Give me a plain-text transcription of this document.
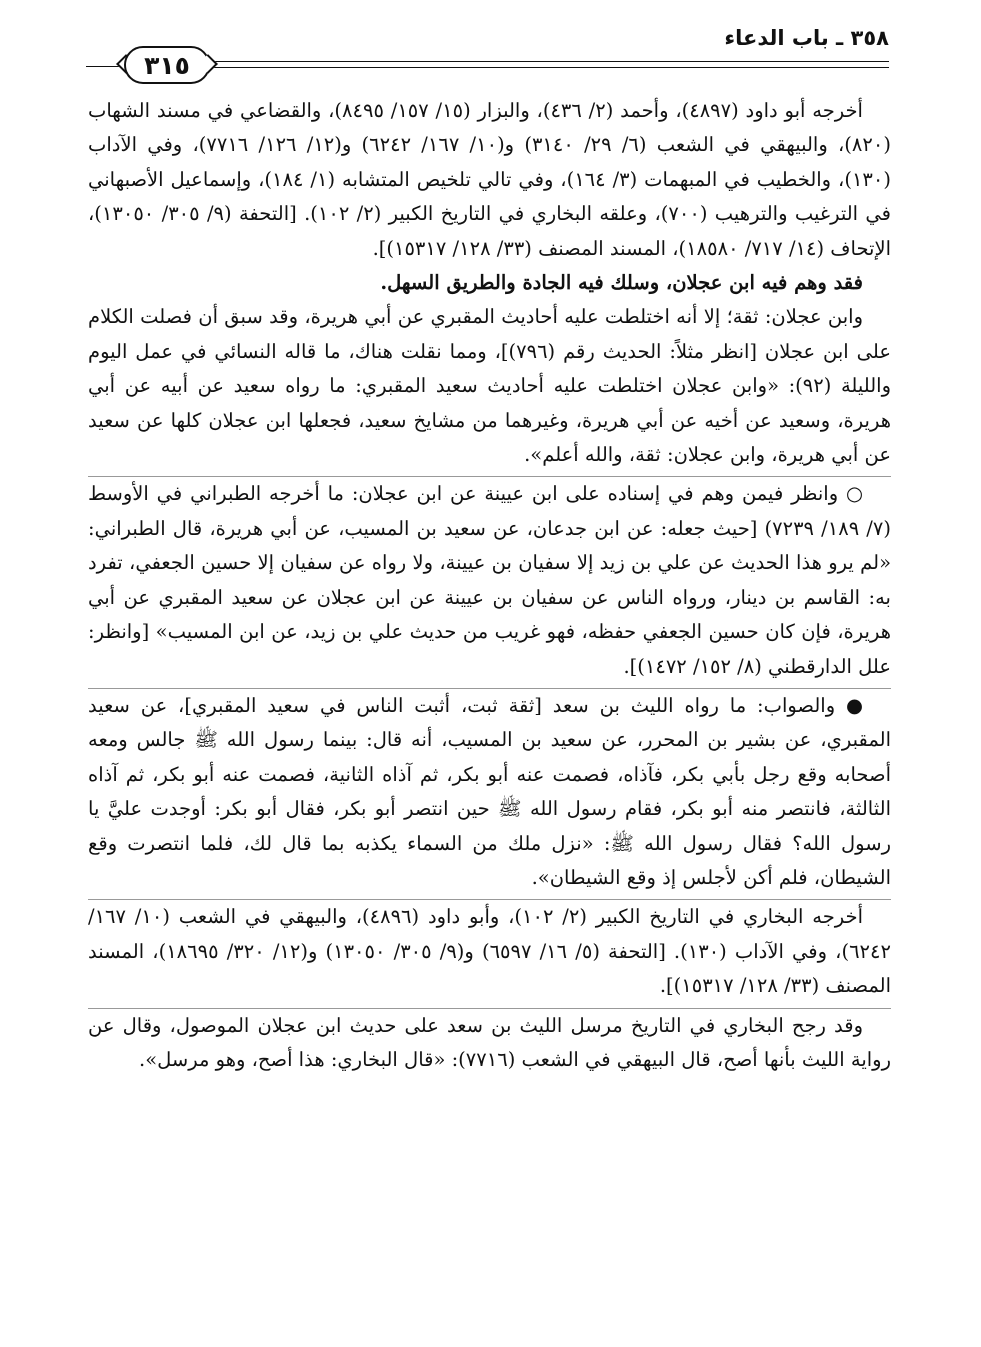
٣٥٨ ـ باب الدعاء
٣١٥

أخرجه أبو داود (٤٨٩٧)، وأحمد (٢/ ٤٣٦)، والبزار (١٥/ ١٥٧/ ٨٤٩٥)، والقضاعي في مسند الشهاب (٨٢٠)، والبيهقي في الشعب (٦/ ٢٩/ ٣١٤٠) و(١٠/ ١٦٧/ ٦٢٤٢) و(١٢/ ١٢٦/ ٧٧١٦)، وفي الآداب (١٣٠)، والخطيب في المبهمات (٣/ ١٦٤)، وفي تالي تلخيص المتشابه (١/ ١٨٤)، وإسماعيل الأصبهاني في الترغيب والترهيب (٧٠٠)، وعلقه البخاري في التاريخ الكبير (٢/ ١٠٢). [التحفة (٩/ ٣٠٥/ ١٣٠٥٠)، الإتحاف (١٤/ ٧١٧/ ١٨٥٨٠)، المسند المصنف (٣٣/ ١٢٨/ ١٥٣١٧)].

فقد وهم فيه ابن عجلان، وسلك فيه الجادة والطريق السهل.

وابن عجلان: ثقة؛ إلا أنه اختلطت عليه أحاديث المقبري عن أبي هريرة، وقد سبق أن فصلت الكلام على ابن عجلان [انظر مثلاً: الحديث رقم (٧٩٦)]، ومما نقلت هناك، ما قاله النسائي في عمل اليوم والليلة (٩٢): «وابن عجلان اختلطت عليه أحاديث سعيد المقبري: ما رواه سعيد عن أبيه عن أبي هريرة، وسعيد عن أخيه عن أبي هريرة، وغيرهما من مشايخ سعيد، فجعلها ابن عجلان كلها عن سعيد عن أبي هريرة، وابن عجلان: ثقة، والله أعلم».

○ وانظر فيمن وهم في إسناده على ابن عيينة عن ابن عجلان: ما أخرجه الطبراني في الأوسط (٧/ ١٨٩/ ٧٢٣٩) [حيث جعله: عن ابن جدعان، عن سعيد بن المسيب، عن أبي هريرة، قال الطبراني: «لم يرو هذا الحديث عن علي بن زيد إلا سفيان بن عيينة، ولا رواه عن سفيان إلا حسين الجعفي، تفرد به: القاسم بن دينار، ورواه الناس عن سفيان بن عيينة عن ابن عجلان عن سعيد المقبري عن أبي هريرة، فإن كان حسين الجعفي حفظه، فهو غريب من حديث علي بن زيد، عن ابن المسيب» [وانظر: علل الدارقطني (٨/ ١٥٢/ ١٤٧٢)].

● والصواب: ما رواه الليث بن سعد [ثقة ثبت، أثبت الناس في سعيد المقبري]، عن سعيد المقبري، عن بشير بن المحرر، عن سعيد بن المسيب، أنه قال: بينما رسول الله ﷺ جالس ومعه أصحابه وقع رجل بأبي بكر، فآذاه، فصمت عنه أبو بكر، ثم آذاه الثانية، فصمت عنه أبو بكر، ثم آذاه الثالثة، فانتصر منه أبو بكر، فقام رسول الله ﷺ حين انتصر أبو بكر، فقال أبو بكر: أوجدت عليَّ يا رسول الله؟ فقال رسول الله ﷺ: «نزل ملك من السماء يكذبه بما قال لك، فلما انتصرت وقع الشيطان، فلم أكن لأجلس إذ وقع الشيطان».

أخرجه البخاري في التاريخ الكبير (٢/ ١٠٢)، وأبو داود (٤٨٩٦)، والبيهقي في الشعب (١٠/ ١٦٧/ ٦٢٤٢)، وفي الآداب (١٣٠). [التحفة (٥/ ١٦/ ٦٥٩٧) و(٩/ ٣٠٥/ ١٣٠٥٠) و(١٢/ ٣٢٠/ ١٨٦٩٥)، المسند المصنف (٣٣/ ١٢٨/ ١٥٣١٧)].

وقد رجح البخاري في التاريخ مرسل الليث بن سعد على حديث ابن عجلان الموصول، وقال عن رواية الليث بأنها أصح، قال البيهقي في الشعب (٧٧١٦): «قال البخاري: هذا أصح، وهو مرسل».
